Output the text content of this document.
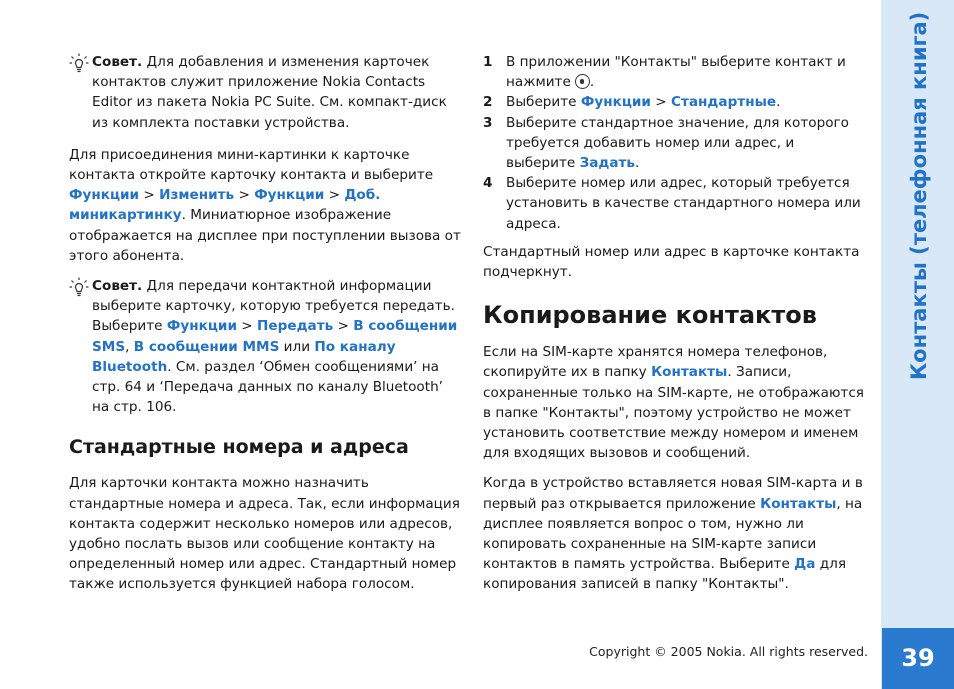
Совет. Для добавления и изменения карточек контактов служит приложение Nokia Contacts Editor из пакета Nokia PC Suite. См. компакт-диск из комплекта поставки устройства.

Для присоединения мини-картинки к карточке контакта откройте карточку контакта и выберите Функции > Изменить > Функции > Доб. миникартинку. Миниатюрное изображение отображается на дисплее при поступлении вызова от этого абонента.

Совет. Для передачи контактной информации выберите карточку, которую требуется передать. Выберите Функции > Передать > В сообщении SMS, В сообщении MMS или По каналу Bluetooth. См. раздел ‘Обмен сообщениями’ на стр. 64 и ‘Передача данных по каналу Bluetooth’ на стр. 106.
Стандартные номера и адреса

Для карточки контакта можно назначить стандартные номера и адреса. Так, если информация контакта содержит несколько номеров или адресов, удобно послать вызов или сообщение контакту на определенный номер или адрес. Стандартный номер также используется функцией набора голосом.

1 В приложении "Контакты" выберите контакт и нажмите .
2 Выберите Функции > Стандартные.
3 Выберите стандартное значение, для которого требуется добавить номер или адрес, и выберите Задать.
4 Выберите номер или адрес, который требуется установить в качестве стандартного номера или адреса.

Стандартный номер или адрес в карточке контакта подчеркнут.

Копирование контактов

Если на SIM-карте хранятся номера телефонов, скопируйте их в папку Контакты. Записи, сохраненные только на SIM-карте, не отображаются в папке "Контакты", поэтому устройство не может установить соответствие между номером и именем для входящих вызовов и сообщений.

Когда в устройство вставляется новая SIM-карта и в первый раз открывается приложение Контакты, на дисплее появляется вопрос о том, нужно ли копировать сохраненные на SIM-карте записи контактов в память устройства. Выберите Да для копирования записей в папку "Контакты".

Контакты (телефонная книга)
39
Copyright © 2005 Nokia. All rights reserved.
